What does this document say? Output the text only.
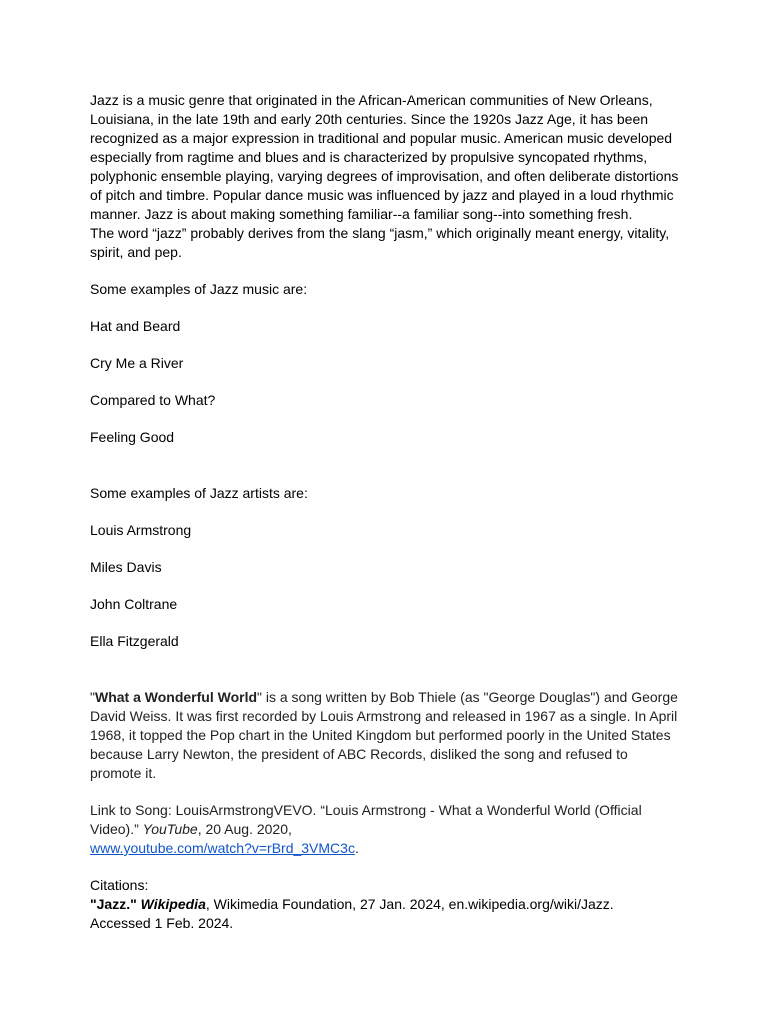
Jazz is a music genre that originated in the African-American communities of New Orleans, Louisiana, in the late 19th and early 20th centuries. Since the 1920s Jazz Age, it has been recognized as a major expression in traditional and popular music. American music developed especially from ragtime and blues and is characterized by propulsive syncopated rhythms, polyphonic ensemble playing, varying degrees of improvisation, and often deliberate distortions of pitch and timbre. Popular dance music was influenced by jazz and played in a loud rhythmic manner. Jazz is about making something familiar--a familiar song--into something fresh.
The word “jazz” probably derives from the slang “jasm,” which originally meant energy, vitality, spirit, and pep.

Some examples of Jazz music are:

Hat and Beard

Cry Me a River

Compared to What?

Feeling Good

Some examples of Jazz artists are:

Louis Armstrong

Miles Davis

John Coltrane

Ella Fitzgerald

"What a Wonderful World" is a song written by Bob Thiele (as "George Douglas") and George David Weiss. It was first recorded by Louis Armstrong and released in 1967 as a single. In April 1968, it topped the Pop chart in the United Kingdom but performed poorly in the United States because Larry Newton, the president of ABC Records, disliked the song and refused to promote it.

Link to Song: LouisArmstrongVEVO. “Louis Armstrong - What a Wonderful World (Official Video).” YouTube, 20 Aug. 2020,
www.youtube.com/watch?v=rBrd_3VMC3c.

Citations:

"Jazz." Wikipedia, Wikimedia Foundation, 27 Jan. 2024, en.wikipedia.org/wiki/Jazz.
Accessed 1 Feb. 2024.
